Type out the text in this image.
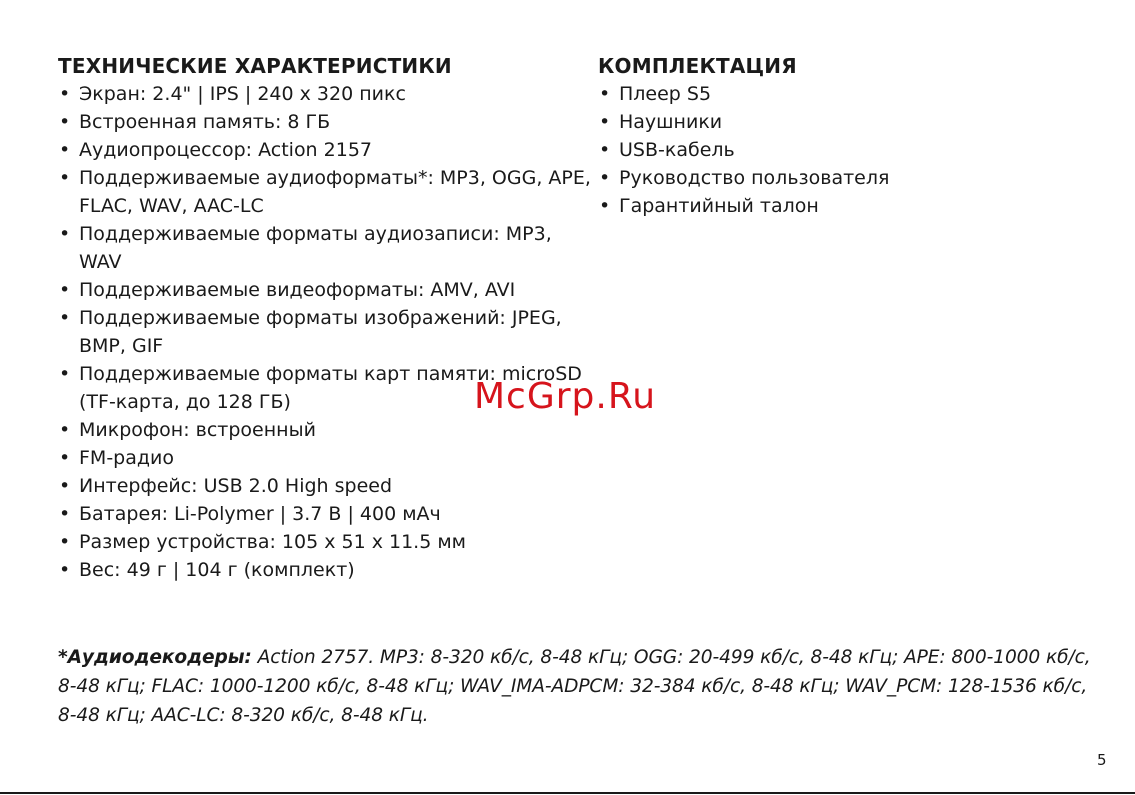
ТЕХНИЧЕСКИЕ ХАРАКТЕРИСТИКИ
• Экран: 2.4" | IPS | 240 x 320 пикс
• Встроенная память: 8 ГБ
• Аудиопроцессор: Action 2157
• Поддерживаемые аудиоформаты*: MP3, OGG, APE, FLAC, WAV, AAC-LC
• Поддерживаемые форматы аудиозаписи: MP3, WAV
• Поддерживаемые видеоформаты: AMV, AVI
• Поддерживаемые форматы изображений: JPEG, BMP, GIF
• Поддерживаемые форматы карт памяти: microSD (TF-карта, до 128 ГБ)
• Микрофон: встроенный
• FM-радио
• Интерфейс: USB 2.0 High speed
• Батарея: Li-Polymer | 3.7 В | 400 мАч
• Размер устройства: 105 x 51 x 11.5 мм
• Вес: 49 г | 104 г (комплект)
КОМПЛЕКТАЦИЯ
• Плеер S5
• Наушники
• USB-кабель
• Руководство пользователя
• Гарантийный талон
McGrp.Ru
*Аудиодекодеры: Action 2757. MP3: 8-320 кб/с, 8-48 кГц; OGG: 20-499 кб/с, 8-48 кГц; APE: 800-1000 кб/с, 8-48 кГц; FLAC: 1000-1200 кб/с, 8-48 кГц; WAV_IMA-ADPCM: 32-384 кб/с, 8-48 кГц; WAV_PCM: 128-1536 кб/с, 8-48 кГц; AAC-LC: 8-320 кб/с, 8-48 кГц.
5
